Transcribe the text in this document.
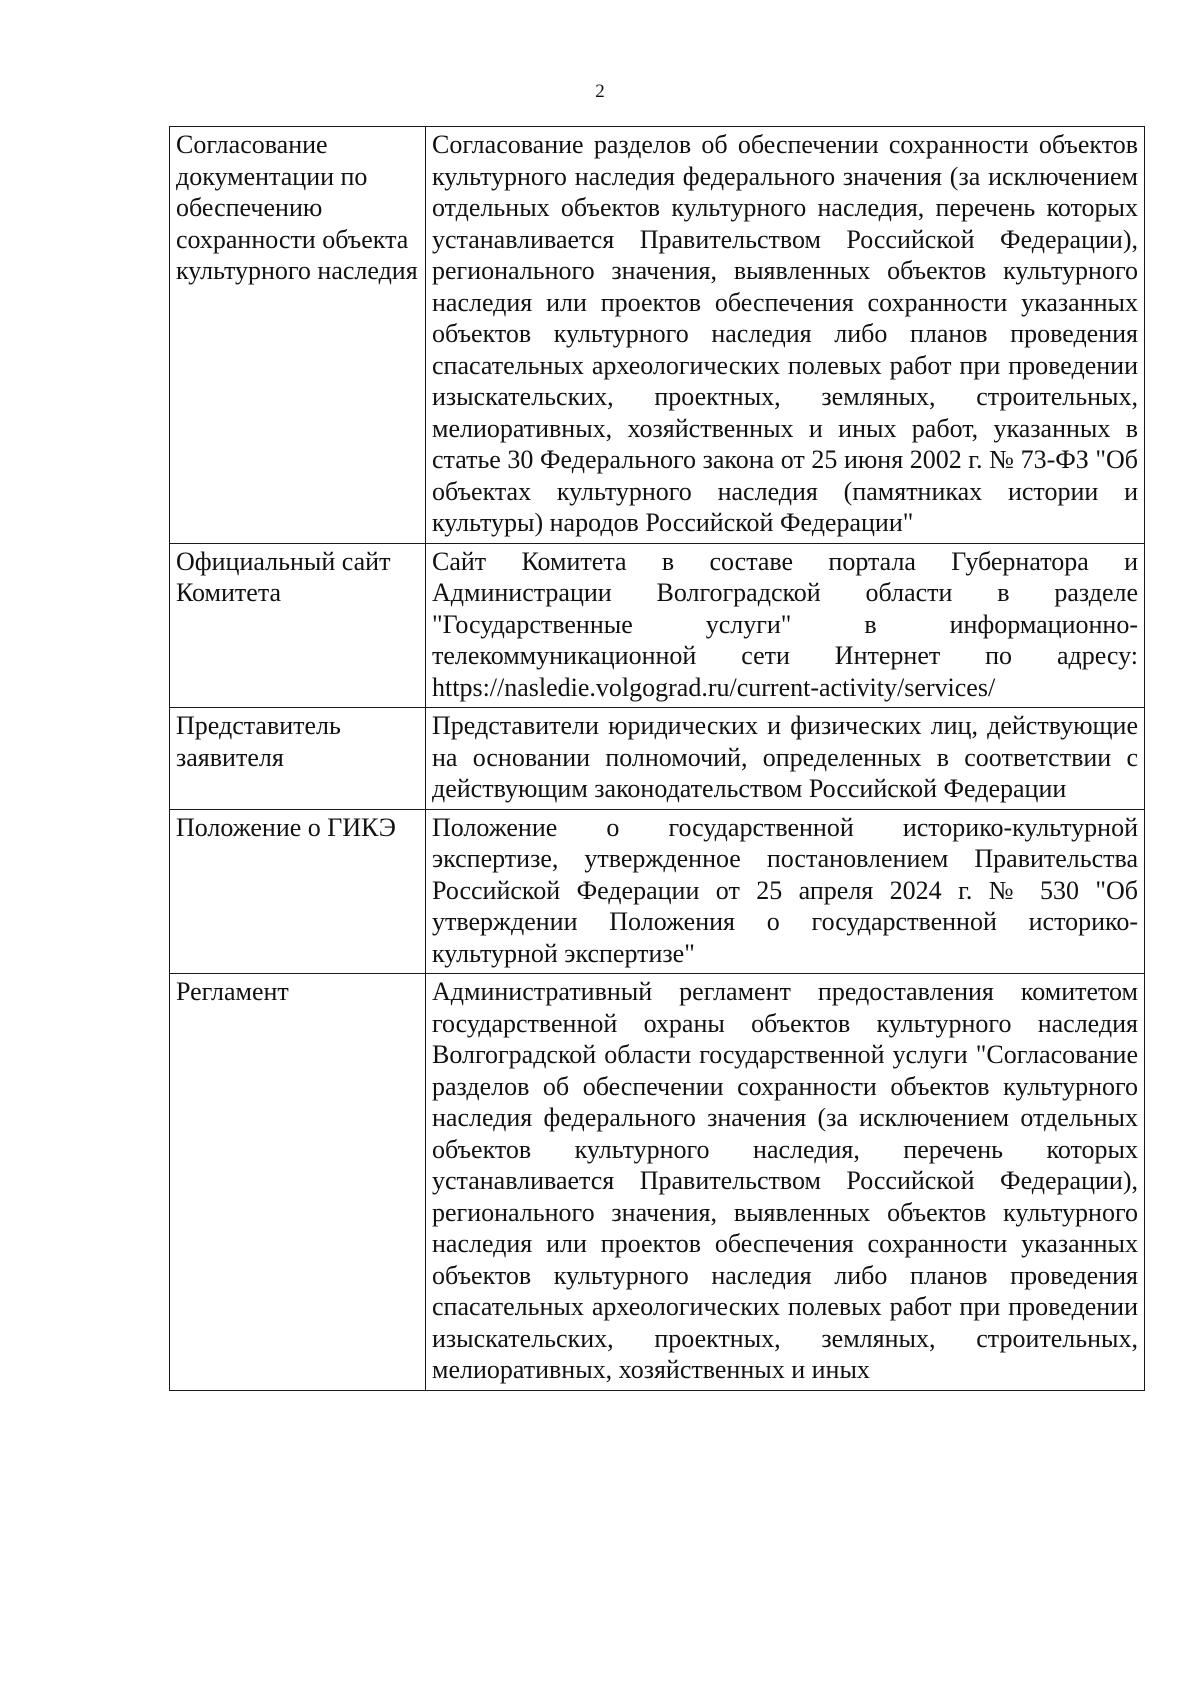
2
Согласование документации по обеспечению сохранности объекта культурного наследия	Согласование разделов об обеспечении сохранности объектов культурного наследия федерального значения (за исключением отдельных объектов культурного наследия, перечень которых устанавливается Правительством Российской Федерации), регионального значения, выявленных объектов культурного наследия или проектов обеспечения сохранности указанных объектов культурного наследия либо планов проведения спасательных археологических полевых работ при проведении изыскательских, проектных, земляных, строительных, мелиоративных, хозяйственных и иных работ, указанных в статье 30 Федерального закона от 25 июня 2002 г. № 73-ФЗ "Об объектах культурного наследия (памятниках истории и культуры) народов Российской Федерации"
Официальный сайт Комитета	Сайт Комитета в составе портала Губернатора и Администрации Волгоградской области в разделе "Государственные услуги" в информационно-телекоммуникационной сети Интернет по адресу: https://nasledie.volgograd.ru/current-activity/services/
Представитель заявителя	Представители юридических и физических лиц, действующие на основании полномочий, определенных в соответствии с действующим законодательством Российской Федерации
Положение о ГИКЭ	Положение о государственной историко-культурной экспертизе, утвержденное постановлением Правительства Российской Федерации от 25 апреля 2024 г. № 530 "Об утверждении Положения о государственной историко-культурной экспертизе"
Регламент	Административный регламент предоставления комитетом государственной охраны объектов культурного наследия Волгоградской области государственной услуги "Согласование разделов об обеспечении сохранности объектов культурного наследия федерального значения (за исключением отдельных объектов культурного наследия, перечень которых устанавливается Правительством Российской Федерации), регионального значения, выявленных объектов культурного наследия или проектов обеспечения сохранности указанных объектов культурного наследия либо планов проведения спасательных археологических полевых работ при проведении изыскательских, проектных, земляных, строительных, мелиоративных, хозяйственных и иных
